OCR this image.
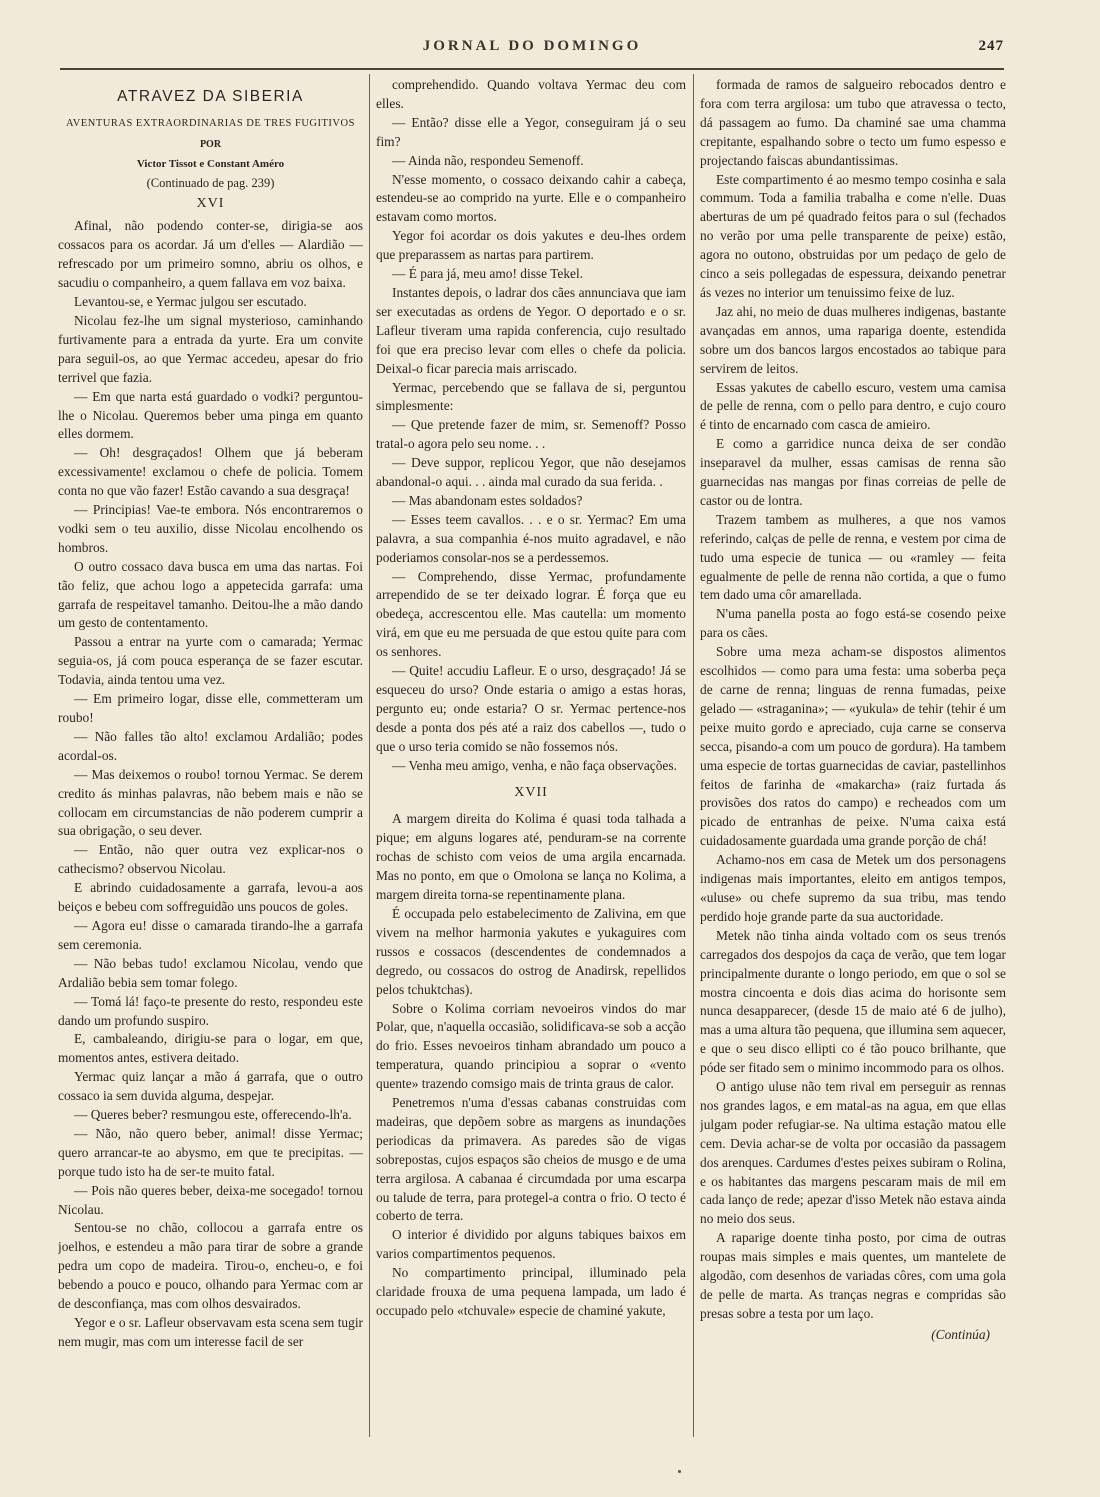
JORNAL DO DOMINGO	247
ATRAVEZ DA SIBERIA
AVENTURAS EXTRAORDINARIAS DE TRES FUGITIVOS
POR
Victor Tissot e Constant Améro
(Continuado de pag. 239)
XVI

Afinal, não podendo conter-se, dirigia-se aos cossacos para os acordar. Já um d'elles — Alardião — refrescado por um primeiro somno, abriu os olhos, e sacudiu o companheiro, a quem fallava em voz baixa.

Levantou-se, e Yermac julgou ser escutado.

Nicolau fez-lhe um signal mysterioso, caminhando furtivamente para a entrada da yurte. Era um convite para seguil-os, ao que Yermac accedeu, apesar do frio terrivel que fazia.

— Em que narta está guardado o vodki? perguntou-lhe o Nicolau. Queremos beber uma pinga em quanto elles dormem.

— Oh! desgraçados! Olhem que já beberam excessivamente! exclamou o chefe de policia. Tomem conta no que vão fazer! Estão cavando a sua desgraça!

— Principias! Vae-te embora. Nós encontraremos o vodki sem o teu auxilio, disse Nicolau encolhendo os hombros.

O outro cossaco dava busca em uma das nartas. Foi tão feliz, que achou logo a appetecida garrafa: uma garrafa de respeitavel tamanho. Deitou-lhe a mão dando um gesto de contentamento.

Passou a entrar na yurte com o camarada; Yermac seguia-os, já com pouca esperança de se fazer escutar. Todavia, ainda tentou uma vez.

— Em primeiro logar, disse elle, commetteram um roubo!

— Não falles tão alto! exclamou Ardalião; podes acordal-os.

— Mas deixemos o roubo! tornou Yermac. Se derem credito ás minhas palavras, não bebem mais e não se collocam em circumstancias de não poderem cumprir a sua obrigação, o seu dever.

— Então, não quer outra vez explicar-nos o cathecismo? observou Nicolau.

E abrindo cuidadosamente a garrafa, levou-a aos beiços e bebeu com soffreguidão uns poucos de goles.

— Agora eu! disse o camarada tirando-lhe a garrafa sem ceremonia.

— Não bebas tudo! exclamou Nicolau, vendo que Ardalião bebia sem tomar folego.

— Tomá lá! faço-te presente do resto, respondeu este dando um profundo suspiro.

E, cambaleando, dirigiu-se para o logar, em que, momentos antes, estivera deitado.

Yermac quiz lançar a mão á garrafa, que o outro cossaco ia sem duvida alguma, despejar.

— Queres beber? resmungou este, offerecendo-lh'a.

— Não, não quero beber, animal! disse Yermac; quero arrancar-te ao abysmo, em que te precipitas. — porque tudo isto ha de ser-te muito fatal.

— Pois não queres beber, deixa-me socegado! tornou Nicolau.

Sentou-se no chão, collocou a garrafa entre os joelhos, e estendeu a mão para tirar de sobre a grande pedra um copo de madeira. Tirou-o, encheu-o, e foi bebendo a pouco e pouco, olhando para Yermac com ar de desconfiança, mas com olhos desvairados.

Yegor e o sr. Lafleur observavam esta scena sem tugir nem mugir, mas com um interesse facil de ser

comprehendido. Quando voltava Yermac deu com elles.

— Então? disse elle a Yegor, conseguiram já o seu fim?

— Ainda não, respondeu Semenoff.

N'esse momento, o cossaco deixando cahir a cabeça, estendeu-se ao comprido na yurte. Elle e o companheiro estavam como mortos.

Yegor foi acordar os dois yakutes e deu-lhes ordem que preparassem as nartas para partirem.

— É para já, meu amo! disse Tekel.

Instantes depois, o ladrar dos cães annunciava que iam ser executadas as ordens de Yegor. O deportado e o sr. Lafleur tiveram uma rapida conferencia, cujo resultado foi que era preciso levar com elles o chefe da policia. Deixal-o ficar parecia mais arriscado.

Yermac, percebendo que se fallava de si, perguntou simplesmente:

— Que pretende fazer de mim, sr. Semenoff? Posso tratal-o agora pelo seu nome. . .

— Deve suppor, replicou Yegor, que não desejamos abandonal-o aqui. . . ainda mal curado da sua ferida. .

— Mas abandonam estes soldados?

— Esses teem cavallos. . . e o sr. Yermac? Em uma palavra, a sua companhia é-nos muito agradavel, e não poderiamos consolar-nos se a perdessemos.

— Comprehendo, disse Yermac, profundamente arrependido de se ter deixado lograr. É força que eu obedeça, accrescentou elle. Mas cautella: um momento virá, em que eu me persuada de que estou quite para com os senhores.

— Quite! accudiu Lafleur. E o urso, desgraçado! Já se esqueceu do urso? Onde estaria o amigo a estas horas, pergunto eu; onde estaria? O sr. Yermac pertence-nos desde a ponta dos pés até a raiz dos cabellos —, tudo o que o urso teria comido se não fossemos nós.

— Venha meu amigo, venha, e não faça observações.

XVII

A margem direita do Kolima é quasi toda talhada a pique; em alguns logares até, penduram-se na corrente rochas de schisto com veios de uma argila encarnada. Mas no ponto, em que o Omolona se lança no Kolima, a margem direita torna-se repentinamente plana.

É occupada pelo estabelecimento de Zalivina, em que vivem na melhor harmonia yakutes e yukaguires com russos e cossacos (descendentes de condemnados a degredo, ou cossacos do ostrog de Anadirsk, repellidos pelos tchuktchas).

Sobre o Kolima corriam nevoeiros vindos do mar Polar, que, n'aquella occasião, solidificava-se sob a acção do frio. Esses nevoeiros tinham abrandado um pouco a temperatura, quando principiou a soprar o «vento quente» trazendo comsigo mais de trinta graus de calor.

Penetremos n'uma d'essas cabanas construidas com madeiras, que depõem sobre as margens as inundações periodicas da primavera. As paredes são de vigas sobrepostas, cujos espaços são cheios de musgo e de uma terra argilosa. A cabanaa é circumdada por uma escarpa ou talude de terra, para protegel-a contra o frio. O tecto é coberto de terra.

O interior é dividido por alguns tabiques baixos em varios compartimentos pequenos.

No compartimento principal, illuminado pela claridade frouxa de uma pequena lampada, um lado é occupado pelo «tchuvale» especie de chaminé yakute,

formada de ramos de salgueiro rebocados dentro e fora com terra argilosa: um tubo que atravessa o tecto, dá passagem ao fumo. Da chaminé sae uma chamma crepitante, espalhando sobre o tecto um fumo espesso e projectando faiscas abundantissimas.

Este compartimento é ao mesmo tempo cosinha e sala commum. Toda a familia trabalha e come n'elle. Duas aberturas de um pé quadrado feitos para o sul (fechados no verão por uma pelle transparente de peixe) estão, agora no outono, obstruidas por um pedaço de gelo de cinco a seis pollegadas de espessura, deixando penetrar ás vezes no interior um tenuissimo feixe de luz.

Jaz ahi, no meio de duas mulheres indigenas, bastante avançadas em annos, uma rapariga doente, estendida sobre um dos bancos largos encostados ao tabique para servirem de leitos.

Essas yakutes de cabello escuro, vestem uma camisa de pelle de renna, com o pello para dentro, e cujo couro é tinto de encarnado com casca de amieiro.

E como a garridice nunca deixa de ser condão inseparavel da mulher, essas camisas de renna são guarnecidas nas mangas por finas correias de pelle de castor ou de lontra.

Trazem tambem as mulheres, a que nos vamos referindo, calças de pelle de renna, e vestem por cima de tudo uma especie de tunica — ou «ramley — feita egualmente de pelle de renna não cortida, a que o fumo tem dado uma côr amarellada.

N'uma panella posta ao fogo está-se cosendo peixe para os cães.

Sobre uma meza acham-se dispostos alimentos escolhidos — como para uma festa: uma soberba peça de carne de renna; linguas de renna fumadas, peixe gelado — «straganina»; — «yukula» de tehir (tehir é um peixe muito gordo e apreciado, cuja carne se conserva secca, pisando-a com um pouco de gordura). Ha tambem uma especie de tortas guarnecidas de caviar, pastellinhos feitos de farinha de «makarcha» (raiz furtada ás provisões dos ratos do campo) e recheados com um picado de entranhas de peixe. N'uma caixa está cuidadosamente guardada uma grande porção de chá!

Achamo-nos em casa de Metek um dos personagens indigenas mais importantes, eleito em antigos tempos, «uluse» ou chefe supremo da sua tribu, mas tendo perdido hoje grande parte da sua auctoridade.

Metek não tinha ainda voltado com os seus trenós carregados dos despojos da caça de verão, que tem logar principalmente durante o longo periodo, em que o sol se mostra cincoenta e dois dias acima do horisonte sem nunca desapparecer, (desde 15 de maio até 6 de julho), mas a uma altura tão pequena, que illumina sem aquecer, e que o seu disco ellipti co é tão pouco brilhante, que póde ser fitado sem o minimo incommodo para os olhos.

O antigo uluse não tem rival em perseguir as rennas nos grandes lagos, e em matal-as na agua, em que ellas julgam poder refugiar-se. Na ultima estação matou elle cem. Devia achar-se de volta por occasião da passagem dos arenques. Cardumes d'estes peixes subiram o Rolina, e os habitantes das margens pescaram mais de mil em cada lanço de rede; apezar d'isso Metek não estava ainda no meio dos seus.

A raparige doente tinha posto, por cima de outras roupas mais simples e mais quentes, um mantelete de algodão, com desenhos de variadas côres, com uma gola de pelle de marta. As tranças negras e compridas são presas sobre a testa por um laço.

(Continúa)
